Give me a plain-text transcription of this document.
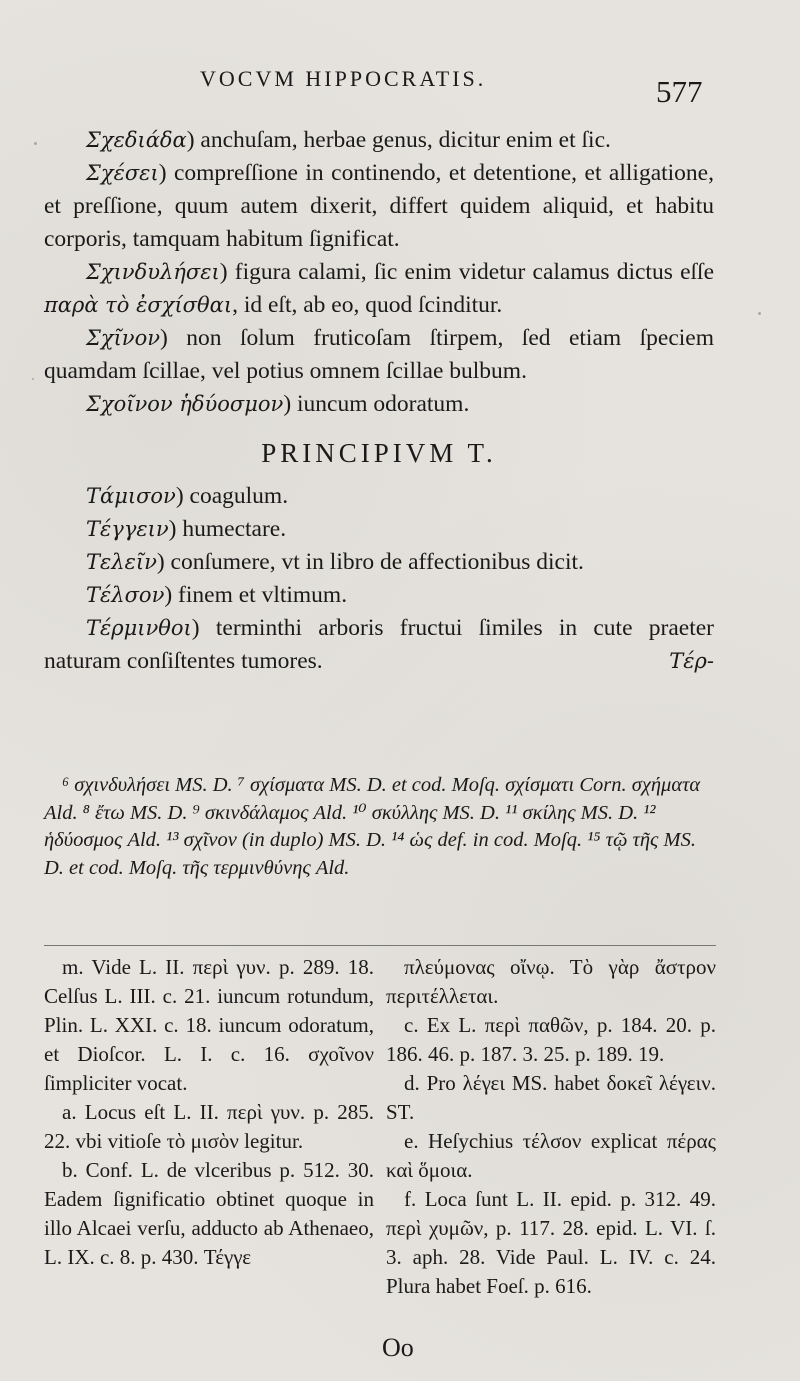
VOCVM HIPPOCRATIS.	577

Σχεδιάδα) anchuſam, herbae genus, dicitur enim et ſic.

Σχέσει) compreſſione in continendo, et detentione, et alligatione, et preſſione, quum autem dixerit, differt quidem aliquid, et habitu corporis, tamquam habitum ſignificat.

Σχινδυλήσει) figura calami, ſic enim videtur calamus dictus eſſe παρὰ τὸ ἐσχίσθαι, id eſt, ab eo, quod ſcinditur.

Σχῖνον) non ſolum fruticoſam ſtirpem, ſed etiam ſpeciem quamdam ſcillae, vel potius omnem ſcillae bulbum.

Σχοῖνον ἡδύοσμον) iuncum odoratum.

PRINCIPIVM T.

Τάμισον) coagulum.

Τέγγειν) humectare.

Τελεῖν) conſumere, vt in libro de affectionibus dicit.

Τέλσον) finem et vltimum.

Τέρμινθοι) terminthi arboris fructui ſimiles in cute praeter naturam conſiſtentes tumores.	Τέρ-

⁶ σχινδυλήσει MS. D. ⁷ σχίσματα MS. D. et cod. Moſq. σχίσματι Corn. σχήματα Ald. ⁸ ἔτω MS. D. ⁹ σκινδάλαμος Ald. ¹⁰ σκύλλης MS. D. ¹¹ σκίλης MS. D. ¹² ἡδύοσμος Ald. ¹³ σχῖνον (in duplo) MS. D. ¹⁴ ὡς def. in cod. Moſq. ¹⁵ τῷ τῆς MS. D. et cod. Moſq. τῆς τερμινθύνης Ald.

m. Vide L. II. περὶ γυν. p. 289. 18. Celſus L. III. c. 21. iuncum rotundum, Plin. L. XXI. c. 18. iuncum odoratum, et Dioſcor. L. I. c. 16. σχοῖνον ſimpliciter vocat.

a. Locus eſt L. II. περὶ γυν. p. 285. 22. vbi vitioſe τὸ μισὸν legitur.

b. Conf. L. de vlceribus p. 512. 30. Eadem ſignificatio obtinet quoque in illo Alcaei verſu, adducto ab Athenaeo, L. IX. c. 8. p. 430. Τέγγε

πλεύμονας οἴνῳ. Τὸ γὰρ ἄστρον περιτέλλεται.

c. Ex L. περὶ παθῶν, p. 184. 20. p. 186. 46. p. 187. 3. 25. p. 189. 19.

d. Pro λέγει MS. habet δοκεῖ λέγειν. ST.

e. Heſychius τέλσον explicat πέρας καὶ ὅμοια.

f. Loca ſunt L. II. epid. p. 312. 49. περὶ χυμῶν, p. 117. 28. epid. L. VI. ſ. 3. aph. 28. Vide Paul. L. IV. c. 24. Plura habet Foeſ. p. 616.

Oo
